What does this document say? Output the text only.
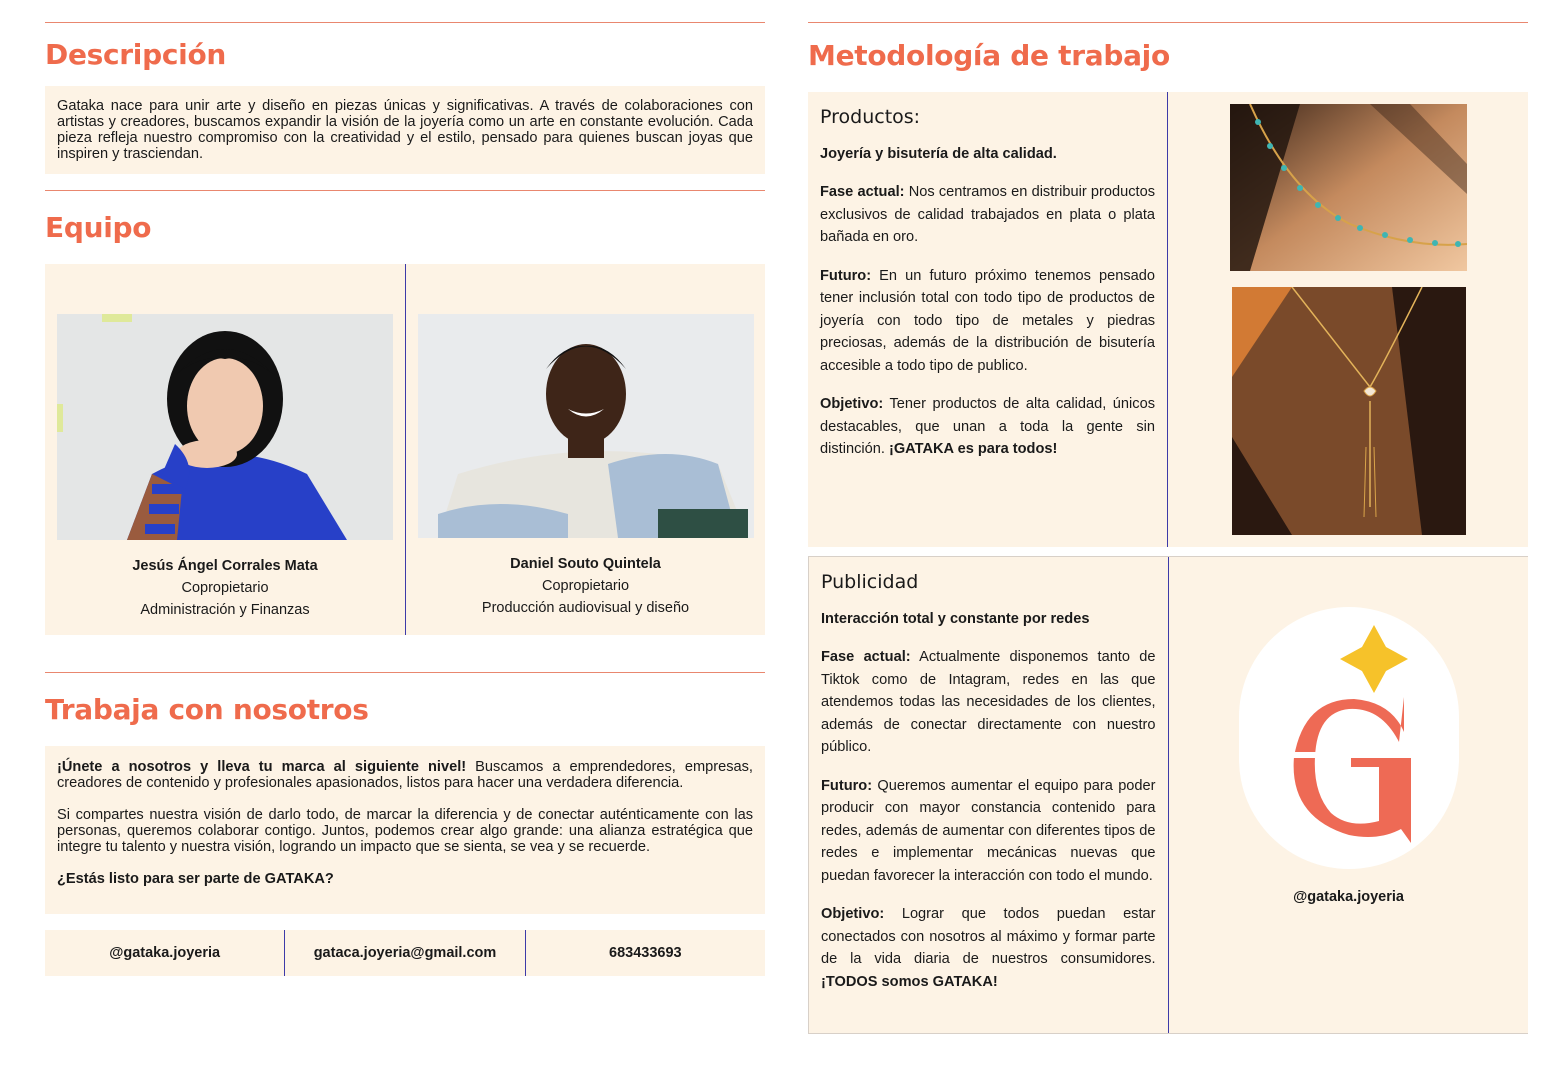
Descripción

Gataka nace para unir arte y diseño en piezas únicas y significativas. A través de colaboraciones con artistas y creadores, buscamos expandir la visión de la joyería como un arte en constante evolución. Cada pieza refleja nuestro compromiso con la creatividad y el estilo, pensado para quienes buscan joyas que inspiren y trasciendan.

Equipo
Jesús Ángel Corrales Mata
Copropietario
Administración y Finanzas
Daniel Souto Quintela
Copropietario
Producción audiovisual y diseño
Trabaja con nosotros

¡Únete a nosotros y lleva tu marca al siguiente nivel! Buscamos a emprendedores, empresas, creadores de contenido y profesionales apasionados, listos para hacer una verdadera diferencia.

Si compartes nuestra visión de darlo todo, de marcar la diferencia y de conectar auténticamente con las personas, queremos colaborar contigo. Juntos, podemos crear algo grande: una alianza estratégica que integre tu talento y nuestra visión, logrando un impacto que se sienta, se vea y se recuerde.

¿Estás listo para ser parte de GATAKA?

@gataka.joyeria	gataca.joyeria@gmail.com	683433693
Metodología de trabajo
Productos:

Joyería y bisutería de alta calidad.

Fase actual: Nos centramos en distribuir productos exclusivos de calidad trabajados en plata o plata bañada en oro.

Futuro: En un futuro próximo tenemos pensado tener inclusión total con todo tipo de productos de joyería con todo tipo de metales y piedras preciosas, además de la distribución de bisutería accesible a todo tipo de publico.

Objetivo: Tener productos de alta calidad, únicos destacables, que unan a toda la gente sin distinción. ¡GATAKA es para todos!

Publicidad

Interacción total y constante por redes

Fase actual: Actualmente disponemos tanto de Tiktok como de Intagram, redes en las que atendemos todas las necesidades de los clientes, además de conectar directamente con nuestro público.

Futuro: Queremos aumentar el equipo para poder producir con mayor constancia contenido para redes, además de aumentar con diferentes tipos de redes e implementar mecánicas nuevas que puedan favorecer la interacción con todo el mundo.

Objetivo: Lograr que todos puedan estar conectados con nosotros al máximo y formar parte de la vida diaria de nuestros consumidores. ¡TODOS somos GATAKA!

@gataka.joyeria
